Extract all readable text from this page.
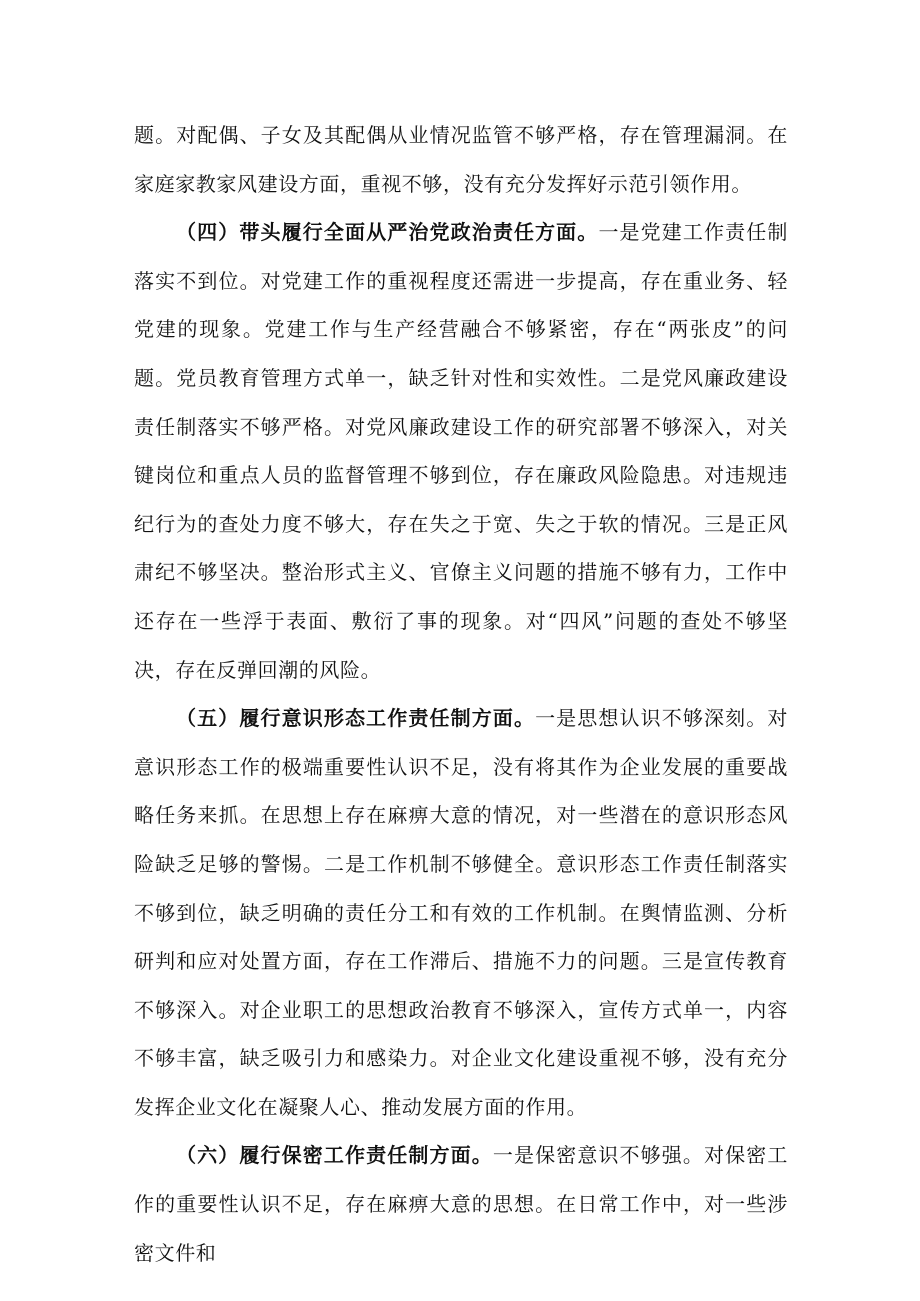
题。对配偶、子女及其配偶从业情况监管不够严格，存在管理漏洞。在家庭家教家风建设方面，重视不够，没有充分发挥好示范引领作用。

（四）带头履行全面从严治党政治责任方面。一是党建工作责任制落实不到位。对党建工作的重视程度还需进一步提高，存在重业务、轻党建的现象。党建工作与生产经营融合不够紧密，存在“两张皮”的问题。党员教育管理方式单一，缺乏针对性和实效性。二是党风廉政建设责任制落实不够严格。对党风廉政建设工作的研究部署不够深入，对关键岗位和重点人员的监督管理不够到位，存在廉政风险隐患。对违规违纪行为的查处力度不够大，存在失之于宽、失之于软的情况。三是正风肃纪不够坚决。整治形式主义、官僚主义问题的措施不够有力，工作中还存在一些浮于表面、敷衍了事的现象。对“四风”问题的查处不够坚决，存在反弹回潮的风险。

（五）履行意识形态工作责任制方面。一是思想认识不够深刻。对意识形态工作的极端重要性认识不足，没有将其作为企业发展的重要战略任务来抓。在思想上存在麻痹大意的情况，对一些潜在的意识形态风险缺乏足够的警惕。二是工作机制不够健全。意识形态工作责任制落实不够到位，缺乏明确的责任分工和有效的工作机制。在舆情监测、分析研判和应对处置方面，存在工作滞后、措施不力的问题。三是宣传教育不够深入。对企业职工的思想政治教育不够深入，宣传方式单一，内容不够丰富，缺乏吸引力和感染力。对企业文化建设重视不够，没有充分发挥企业文化在凝聚人心、推动发展方面的作用。

（六）履行保密工作责任制方面。一是保密意识不够强。对保密工作的重要性认识不足，存在麻痹大意的思想。在日常工作中，对一些涉密文件和
